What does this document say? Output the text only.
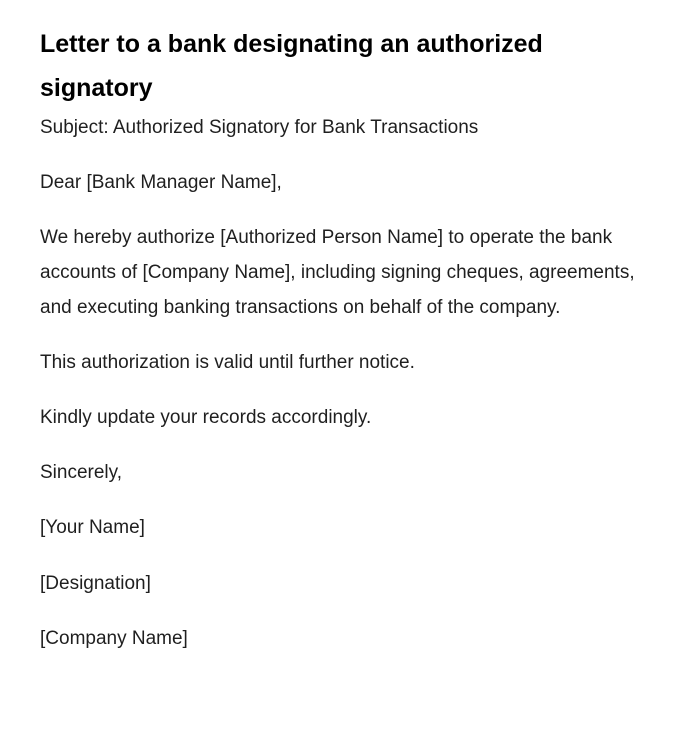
Letter to a bank designating an authorized signatory

Subject: Authorized Signatory for Bank Transactions

Dear [Bank Manager Name],

We hereby authorize [Authorized Person Name] to operate the bank accounts of [Company Name], including signing cheques, agreements, and executing banking transactions on behalf of the company.

This authorization is valid until further notice.

Kindly update your records accordingly.

Sincerely,

[Your Name]

[Designation]

[Company Name]
